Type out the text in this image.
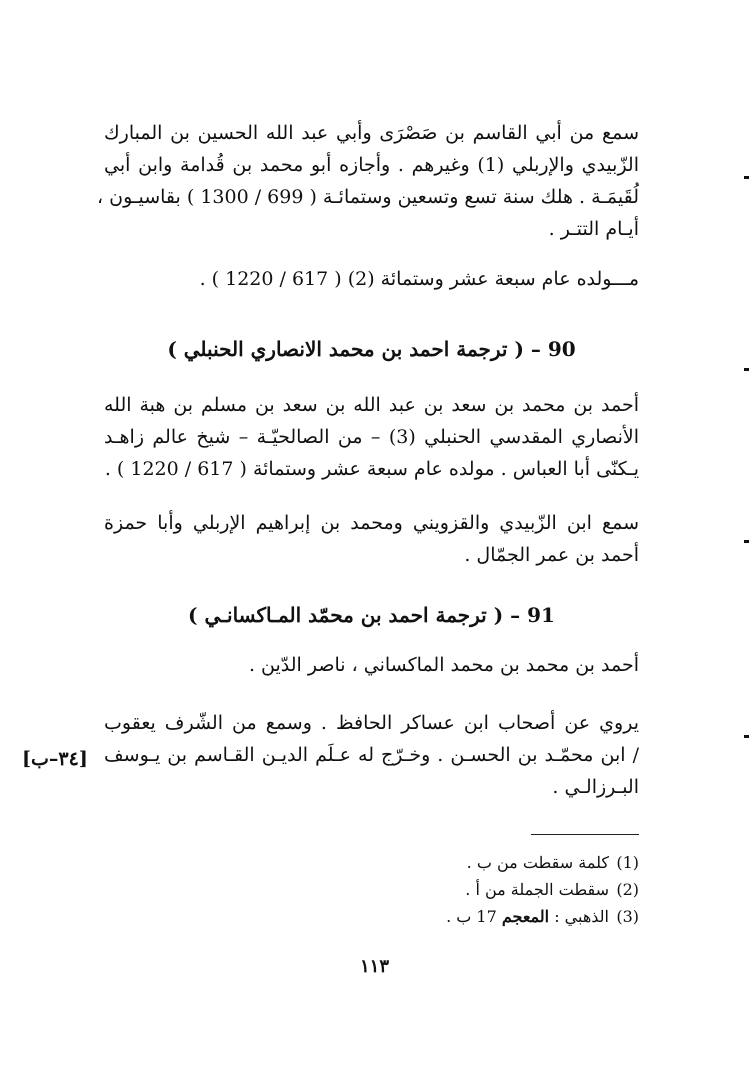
سمع من أبي القاسم بن صَصْرَى وأبي عبد الله الحسين بن المبارك
الزّبيدي والإربلي (1) وغيرهم . وأجازه أبو محمد بن قُدامة وابن أبي
لُقَيمَـة . هلك سنة تسع وتسعين وستمائـة ( 699 / 1300 ) بقاسيـون ،
أيـام التتـر .
مـــولده عام سبعة عشر وستمائة (2) ( 617 / 1220 ) .
90 – ( ترجمة احمد بن محمد الانصاري الحنبلي )
أحمد بن محمد بن سعد بن عبد الله بن سعد بن مسلم بن هبة الله
الأنصاري المقدسي الحنبلي (3) – من الصالحيّـة – شيخ عالم زاهـد
يـكنّى أبا العباس . مولده عام سبعة عشر وستمائة ( 617 / 1220 ) .
سمع ابن الزّبيدي والقزويني ومحمد بن إبراهيم الإربلي وأبا حمزة
أحمد بن عمر الجمّال .
91 – ( ترجمة احمد بن محمّد المـاكسانـي )
أحمد بن محمد بن محمد الماكساني ، ناصر الدّين .
يروي عن أصحاب ابن عساكر الحافظ . وسمع من الشّرف يعقوب
/ ابن محمّـد بن الحسـن . وخـرّج له عـلَم الديـن القـاسم بن يـوسف
البـرزالـي .
[٣٤–ب]
(1)كلمة سقطت من ب .
(2)سقطت الجملة من أ .
(3)الذهبي : المعجم 17 ب .
١١٣
